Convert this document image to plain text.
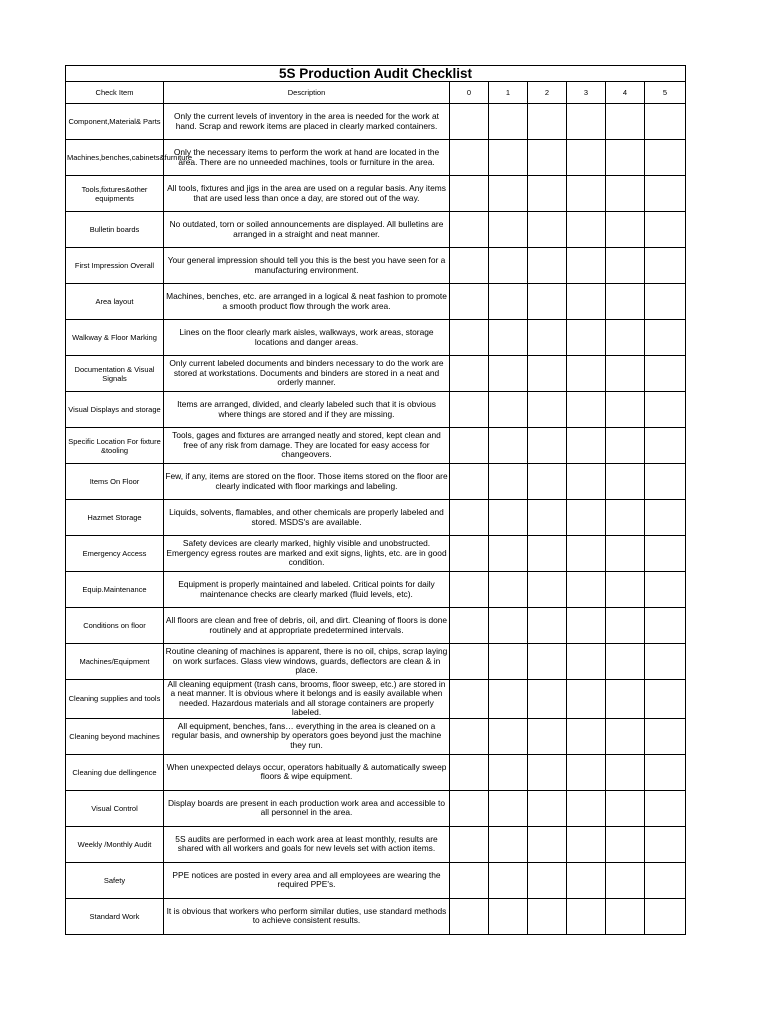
5S Production Audit Checklist							
Check Item	Description	0	1	2	3	4	5
Component,Material& Parts	Only the current levels of inventory in the area is needed for the work at hand. Scrap and rework items are placed in clearly marked containers.						
Machines,benches,cabinets&furniture	Only the necessary items to perform the work at hand are located in the area. There are no unneeded machines, tools or furniture in the area.						
Tools,fixtures&other equipments	All tools, fixtures and jigs in the area are used on a regular basis. Any items that are used less than once a day, are stored out of the way.						
Bulletin boards	No outdated, torn or soiled announcements are displayed. All bulletins are arranged in a straight and neat manner.						
First Impression Overall	Your general impression should tell you this is the best you have seen for a manufacturing environment.						
Area layout	Machines, benches, etc. are arranged in a logical & neat fashion to promote a smooth product flow through the work area.						
Walkway & Floor Marking	Lines on the floor clearly mark aisles, walkways, work areas, storage locations and danger areas.						
Documentation & Visual Signals	Only current labeled documents and binders necessary to do the work are stored at workstations. Documents and binders are stored in a neat and orderly manner.						
Visual Displays and storage	Items are arranged, divided, and clearly labeled such that it is obvious where things are stored and if they are missing.						
Specific Location For fixture &tooling	Tools, gages and fixtures are arranged neatly and stored, kept clean and free of any risk from damage. They are located for easy access for changeovers.						
Items On Floor	Few, if any, items are stored on the floor. Those items stored on the floor are clearly indicated with floor markings and labeling.						
Hazmet Storage	Liquids, solvents, flamables, and other chemicals are properly labeled and stored. MSDS's are available.						
Emergency Access	Safety devices are clearly marked, highly visible and unobstructed. Emergency egress routes are marked and exit signs, lights, etc. are in good condition.						
Equip.Maintenance	Equipment is properly maintained and labeled. Critical points for daily maintenance checks are clearly marked (fluid levels, etc).						
Conditions on floor	All floors are clean and free of debris, oil, and dirt. Cleaning of floors is done routinely and at appropriate predetermined intervals.						
Machines/Equipment	Routine cleaning of machines is apparent, there is no oil, chips, scrap laying on work surfaces. Glass view windows, guards, deflectors are clean & in place.						
Cleaning supplies and tools	All cleaning equipment (trash cans, brooms, floor sweep, etc.) are stored in a neat manner. It is obvious where it belongs and is easily available when needed. Hazardous materials and all storage containers are properly labeled.						
Cleaning beyond machines	All equipment, benches, fans… everything in the area is cleaned on a regular basis, and ownership by operators goes beyond just the machine they run.						
Cleaning due dellingence	When unexpected delays occur, operators habitually & automatically sweep floors & wipe equipment.						
Visual Control	Display boards are present in each production work area and accessible to all personnel in the area.						
Weekly /Monthly Audit	5S audits are performed in each work area at least monthly, results are shared with all workers and goals for new levels set with action items.						
Safety	PPE notices are posted in every area and all employees are wearing the required PPE's.						
Standard Work	It is obvious that workers who perform similar duties, use standard methods to achieve consistent results.						
